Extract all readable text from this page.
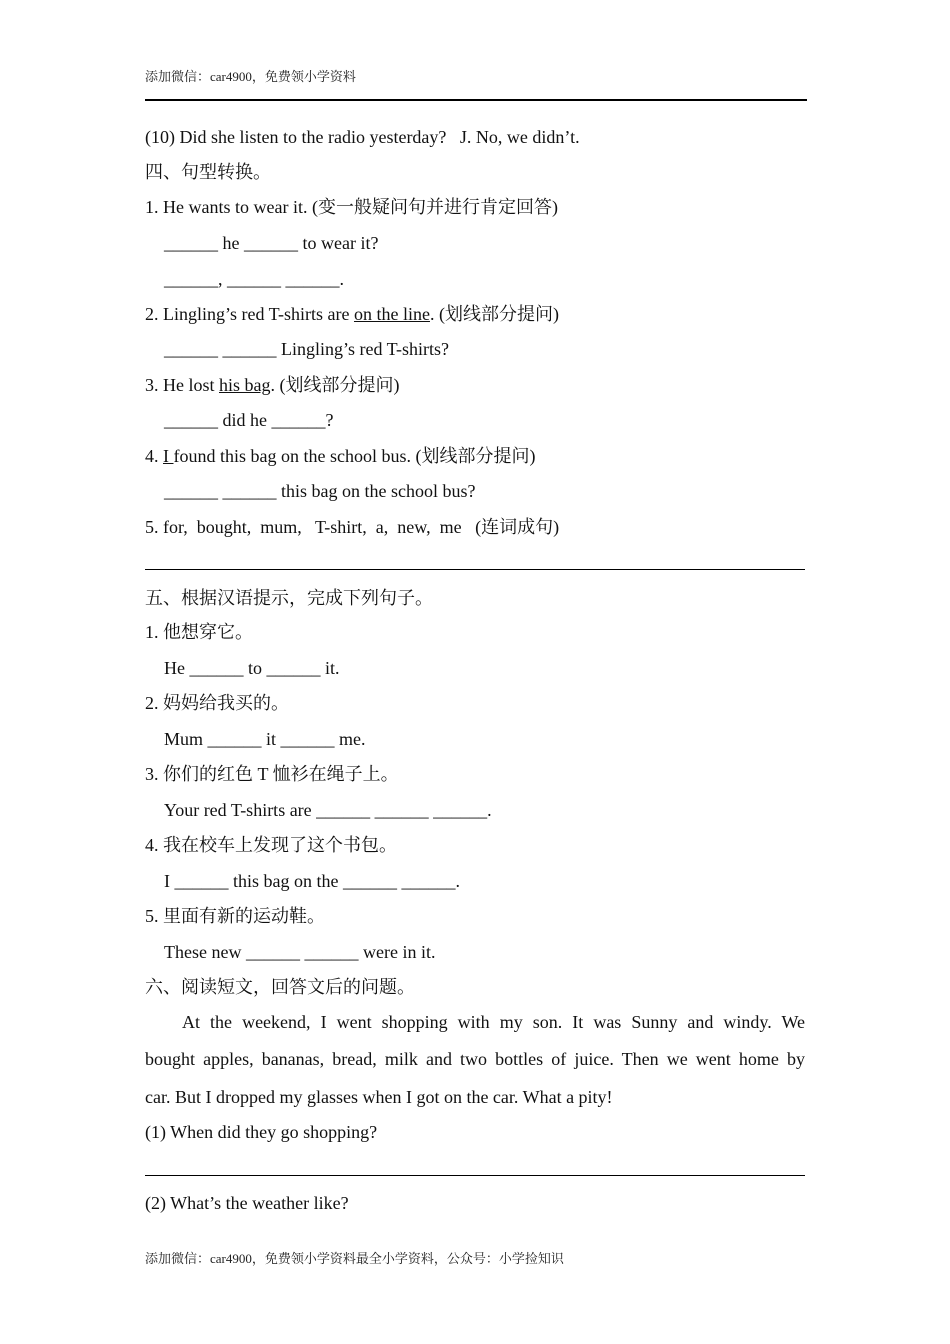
添加微信：car4900，免费领小学资料
(10) Did she listen to the radio yesterday?   J. No, we didn’t.
四、句型转换。
1. He wants to wear it. (变一般疑问句并进行肯定回答)
______ he ______ to wear it?
______, ______ ______.
2. Lingling’s red T-shirts are on the line. (划线部分提问)
______ ______ Lingling’s red T-shirts?
3. He lost his bag. (划线部分提问)
______ did he ______?
4. I found this bag on the school bus. (划线部分提问)
______ ______ this bag on the school bus?
5. for,  bought,  mum,   T-shirt,  a,  new,  me   (连词成句)
五、根据汉语提示，完成下列句子。
1. 他想穿它。
He ______ to ______ it.
2. 妈妈给我买的。
Mum ______ it ______ me.
3. 你们的红色 T 恤衫在绳子上。
Your red T-shirts are ______ ______ ______.
4. 我在校车上发现了这个书包。
I ______ this bag on the ______ ______.
5. 里面有新的运动鞋。
These new ______ ______ were in it.
六、阅读短文，回答文后的问题。
At the weekend, I went shopping with my son. It was Sunny and windy. We
bought apples, bananas, bread, milk and two bottles of juice. Then we went home by
car. But I dropped my glasses when I got on the car. What a pity!
(1) When did they go shopping?
(2) What’s the weather like?
添加微信：car4900，免费领小学资料最全小学资料，公众号：小学捡知识
